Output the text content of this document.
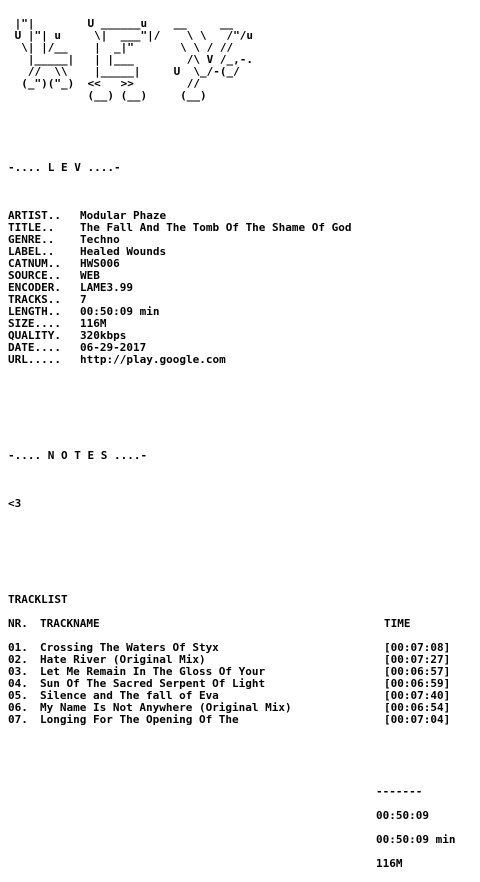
|"|        U ______u    __     __
U |"| u     \|  ___"|/    \ \   /"/u
\| |/__    |  _|"       \ \ / //
|_____|   | |___        /\ V /_,-.
//  \\    |_____|     U  \_/-(_/
(_")("_)  <<   >>        //
(__) (__)     (__)

-.... L E V ....-

ARTIST.. Modular Phaze
TITLE.. The Fall And The Tomb Of The Shame Of God
GENRE.. Techno
LABEL.. Healed Wounds
CATNUM.. HWS006
SOURCE.. WEB
ENCODER. LAME3.99
TRACKS.. 7
LENGTH.. 00:50:09 min
SIZE.... 116M
QUALITY. 320kbps
DATE.... 06-29-2017
URL..... http://play.google.com

-.... N O T E S ....-

<3

TRACKLIST

NR. TRACKNAME	TIME

01. Crossing The Waters Of Styx	[00:07:08]
02. Hate River (Original Mix)	[00:07:27]
03. Let Me Remain In The Gloss Of Your	[00:06:57]
04. Sun Of The Sacred Serpent Of Light	[00:06:59]
05. Silence and The fall of Eva	[00:07:40]
06. My Name Is Not Anywhere (Original Mix)	[00:06:54]
07. Longing For The Opening Of The	[00:07:04]

-------

00:50:09

00:50:09 min

116M
